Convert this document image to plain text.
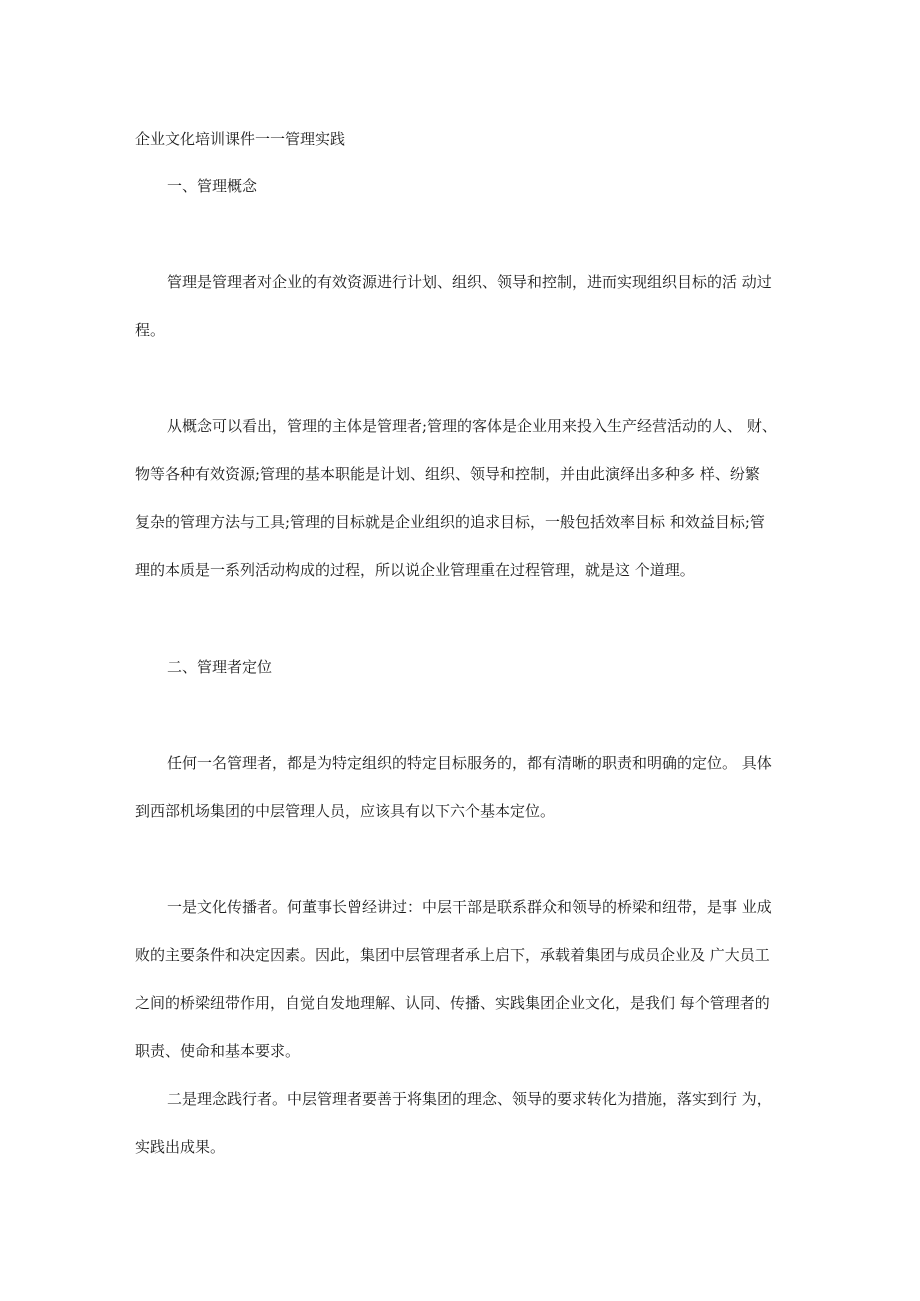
企业文化培训课件一一管理实践
一、管理概念
管理是管理者对企业的有效资源进行计划、组织、领导和控制，进而实现组织目标的活 动过
程。
从概念可以看出，管理的主体是管理者;管理的客体是企业用来投入生产经营活动的人、 财、
物等各种有效资源;管理的基本职能是计划、组织、领导和控制，并由此演绎出多种多 样、纷繁
复杂的管理方法与工具;管理的目标就是企业组织的追求目标，一般包括效率目标 和效益目标;管
理的本质是一系列活动构成的过程，所以说企业管理重在过程管理，就是这 个道理。
二、管理者定位
任何一名管理者，都是为特定组织的特定目标服务的，都有清晰的职责和明确的定位。 具体
到西部机场集团的中层管理人员，应该具有以下六个基本定位。
一是文化传播者。何董事长曾经讲过：中层干部是联系群众和领导的桥梁和纽带，是事 业成
败的主要条件和决定因素。因此，集团中层管理者承上启下，承载着集团与成员企业及 广大员工
之间的桥梁纽带作用，自觉自发地理解、认同、传播、实践集团企业文化，是我们 每个管理者的
职责、使命和基本要求。
二是理念践行者。中层管理者要善于将集团的理念、领导的要求转化为措施，落实到行 为，
实践出成果。
